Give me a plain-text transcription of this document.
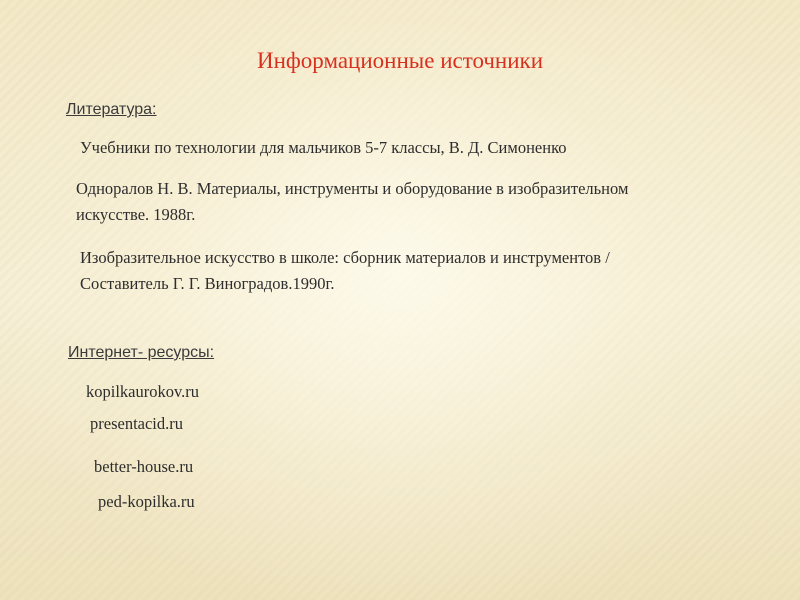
Информационные источники
Литература:
Учебники по технологии для мальчиков 5-7 классы, В. Д. Симоненко
Одноралов Н. В. Материалы, инструменты и оборудование в изобразительном искусстве. 1988г.
Изобразительное искусство в школе: сборник материалов и инструментов / Составитель Г. Г. Виноградов.1990г.
Интернет- ресурсы:
kopilkaurokov.ru
presentacid.ru
better-house.ru
ped-kopilka.ru
